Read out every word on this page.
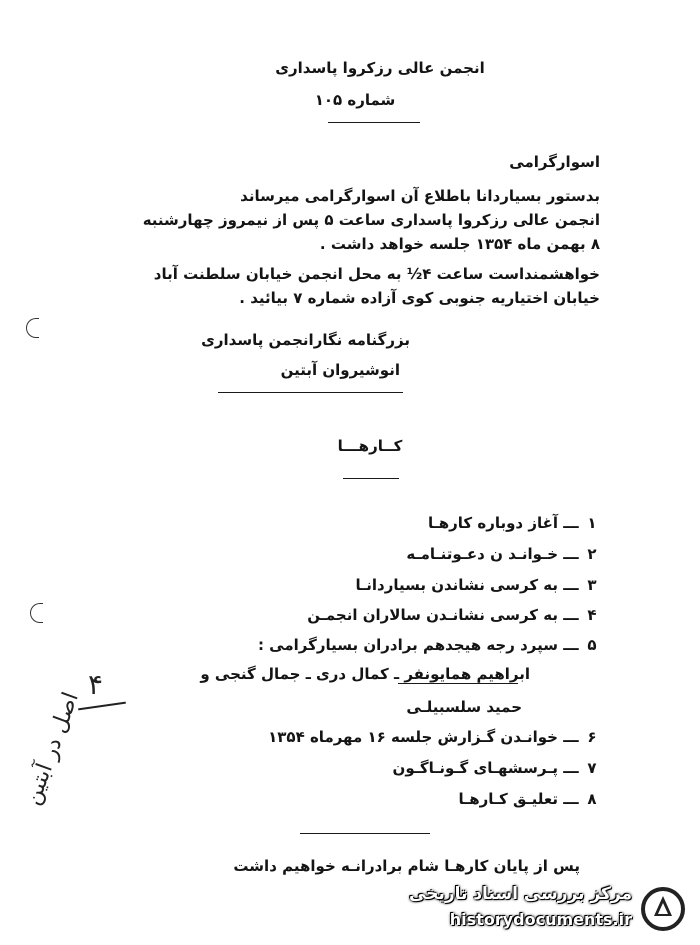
انجمن عالی رزکروا پاسداری
شماره ۱۰۵
اسوارگرامی
بدستور بسیاردانا باطلاع آن اسوارگرامی میرساند
انجمن عالی رزکروا پاسداری ساعت ۵ پس از نیمروز چهارشنبه
۸ بهمن ماه ۱۳۵۴ جلسه خواهد داشت .
خواهشمنداست ساعت ۴½ به محل انجمن خیابان سلطنت آباد
خیابان اختیاریه جنوبی کوی آزاده شماره ۷ بیائید .
بزرگنامه نگارانجمن پاسداری
انوشیروان آبتین
کــارهـــا
۱ـــآغاز دوباره کارهـا
۲ـــخـوانـد ن دعـوتنـامـه
۳ـــبه کرسی نشاندن بسیاردانـا
۴ـــبه کرسی نشانـدن سالاران انجمـن
۵ـــسپرد رجه هیجدهم برادران بسیارگرامی :
ابراهیم همایونفر ـ کمال دری ـ جمال گنجی و
حمید سلسبیلـی
۶ـــخوانـدن گـزارش جلسه ۱۶ مهرماه ۱۳۵۴
۷ـــپـرسشهـای گـونـاگـون
۸ـــتعلیـق کـارهـا
پس از پایان کارهـا شام برادرانـه خواهیم داشت
۴
اصل در آبتین
مرکز بررسی اسناد تاریخی
historydocuments.ir
